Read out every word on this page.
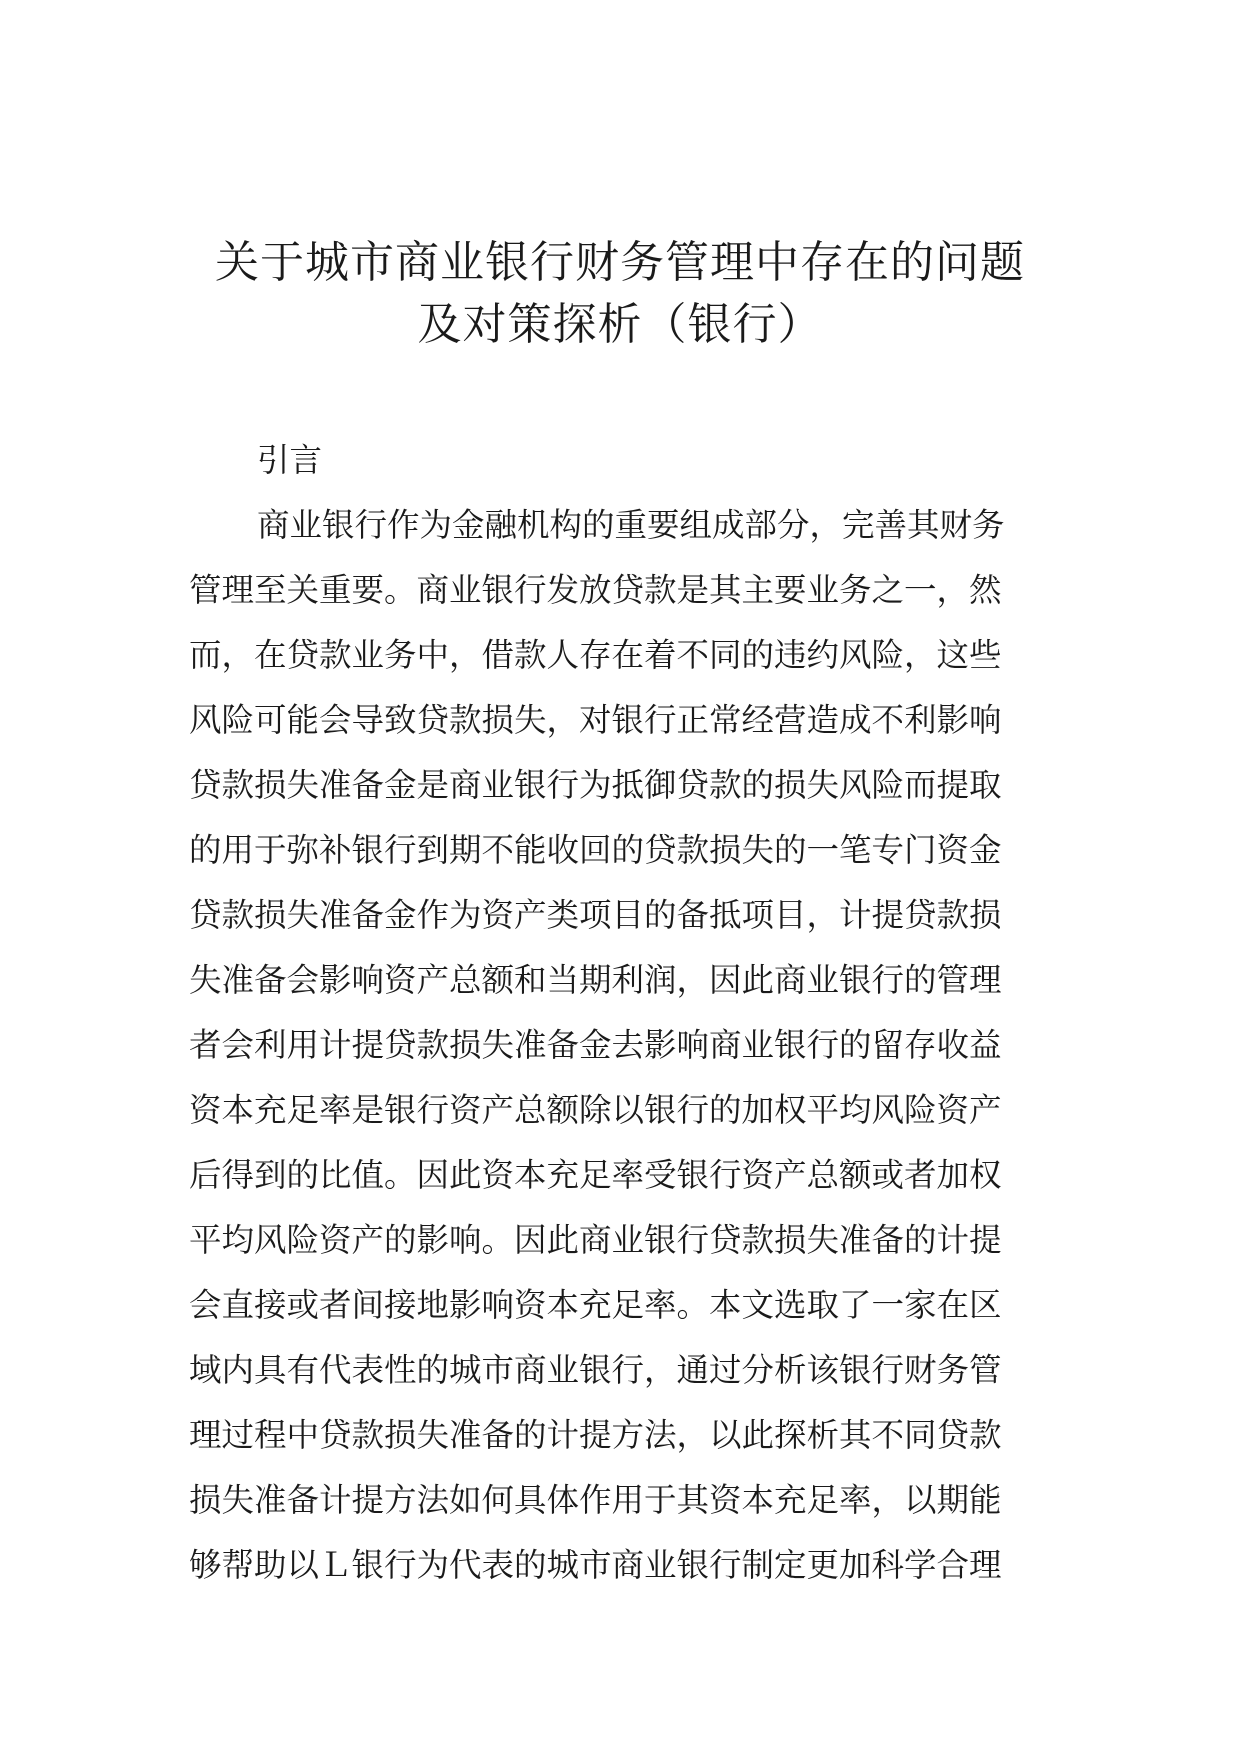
关于城市商业银行财务管理中存在的问题
及对策探析（银行）
引言
商业银行作为金融机构的重要组成部分，完善其财务
管理至关重要。商业银行发放贷款是其主要业务之一，然
而，在贷款业务中，借款人存在着不同的违约风险，这些
风险可能会导致贷款损失，对银行正常经营造成不利影响
贷款损失准备金是商业银行为抵御贷款的损失风险而提取
的用于弥补银行到期不能收回的贷款损失的一笔专门资金
贷款损失准备金作为资产类项目的备抵项目，计提贷款损
失准备会影响资产总额和当期利润，因此商业银行的管理
者会利用计提贷款损失准备金去影响商业银行的留存收益
资本充足率是银行资产总额除以银行的加权平均风险资产
后得到的比值。因此资本充足率受银行资产总额或者加权
平均风险资产的影响。因此商业银行贷款损失准备的计提
会直接或者间接地影响资本充足率。本文选取了一家在区
域内具有代表性的城市商业银行，通过分析该银行财务管
理过程中贷款损失准备的计提方法，以此探析其不同贷款
损失准备计提方法如何具体作用于其资本充足率，以期能
够帮助以Ｌ银行为代表的城市商业银行制定更加科学合理
